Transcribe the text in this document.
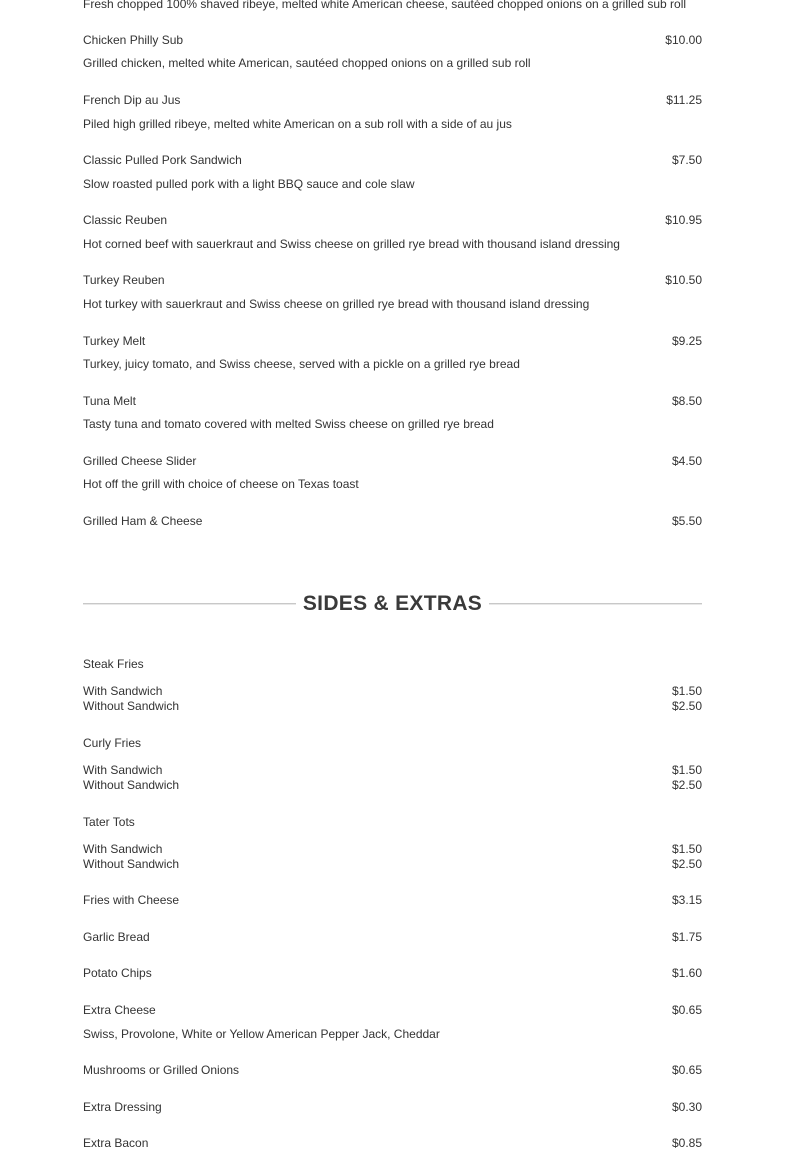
Fresh chopped 100% shaved ribeye, melted white American cheese, sautéed chopped onions on a grilled sub roll
Chicken Philly Sub	$10.00
Grilled chicken, melted white American, sautéed chopped onions on a grilled sub roll
French Dip au Jus	$11.25
Piled high grilled ribeye, melted white American on a sub roll with a side of au jus
Classic Pulled Pork Sandwich	$7.50
Slow roasted pulled pork with a light BBQ sauce and cole slaw
Classic Reuben	$10.95
Hot corned beef with sauerkraut and Swiss cheese on grilled rye bread with thousand island dressing
Turkey Reuben	$10.50
Hot turkey with sauerkraut and Swiss cheese on grilled rye bread with thousand island dressing
Turkey Melt	$9.25
Turkey, juicy tomato, and Swiss cheese, served with a pickle on a grilled rye bread
Tuna Melt	$8.50
Tasty tuna and tomato covered with melted Swiss cheese on grilled rye bread
Grilled Cheese Slider	$4.50
Hot off the grill with choice of cheese on Texas toast
Grilled Ham & Cheese	$5.50
SIDES & EXTRAS
Steak Fries
With Sandwich	$1.50
Without Sandwich	$2.50
Curly Fries
With Sandwich	$1.50
Without Sandwich	$2.50
Tater Tots
With Sandwich	$1.50
Without Sandwich	$2.50
Fries with Cheese	$3.15
Garlic Bread	$1.75
Potato Chips	$1.60
Extra Cheese	$0.65
Swiss, Provolone, White or Yellow American Pepper Jack, Cheddar
Mushrooms or Grilled Onions	$0.65
Extra Dressing	$0.30
Extra Bacon	$0.85
